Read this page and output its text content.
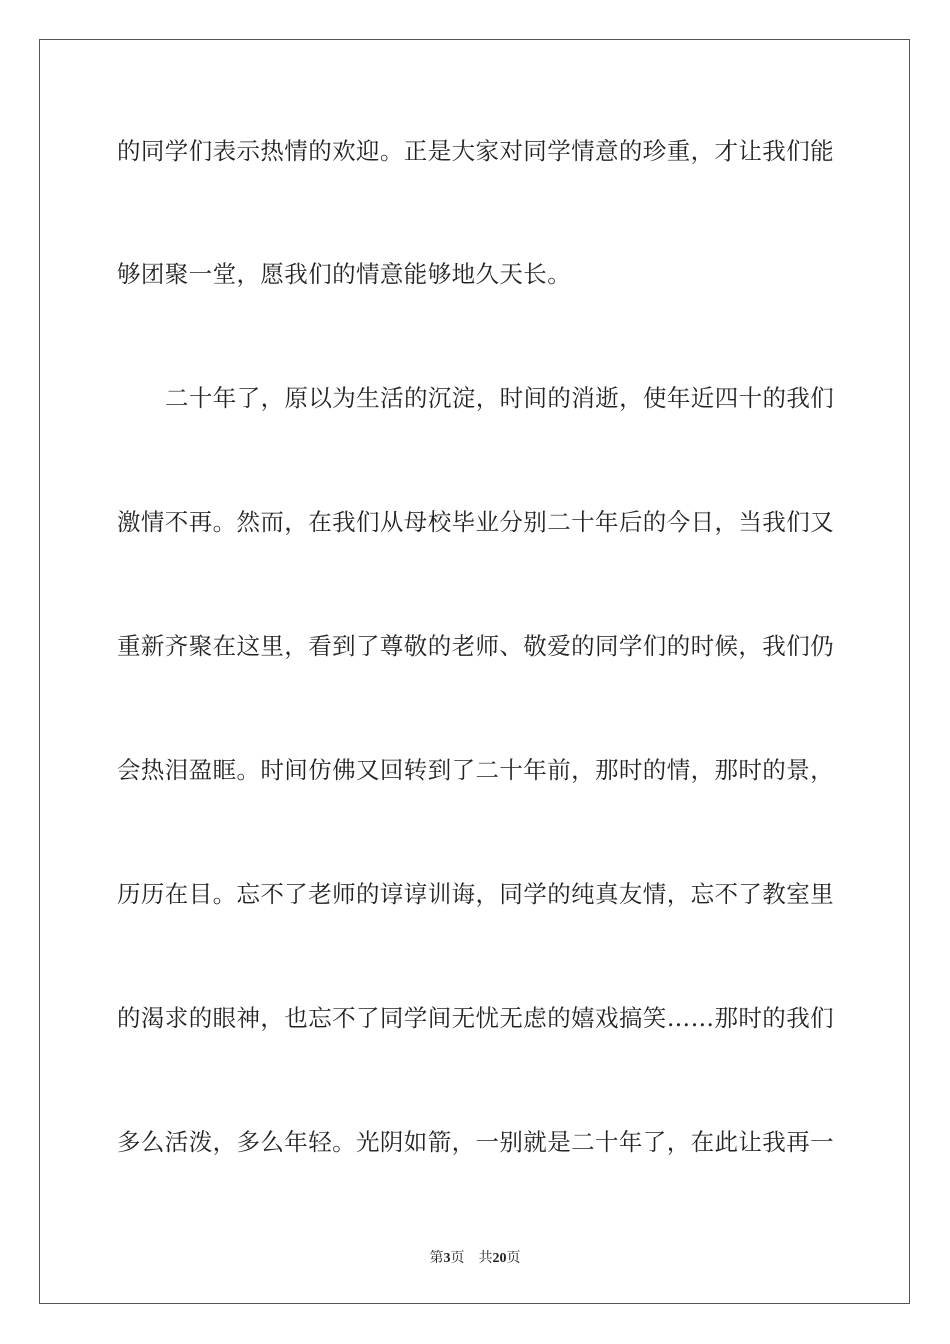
的同学们表示热情的欢迎。正是大家对同学情意的珍重，才让我们能
够团聚一堂，愿我们的情意能够地久天长。
二十年了，原以为生活的沉淀，时间的消逝，使年近四十的我们
激情不再。然而，在我们从母校毕业分别二十年后的今日，当我们又
重新齐聚在这里，看到了尊敬的老师、敬爱的同学们的时候，我们仍
会热泪盈眶。时间仿佛又回转到了二十年前，那时的情，那时的景，
历历在目。忘不了老师的谆谆训诲，同学的纯真友情，忘不了教室里
的渴求的眼神，也忘不了同学间无忧无虑的嬉戏搞笑……那时的我们
多么活泼，多么年轻。光阴如箭，一别就是二十年了，在此让我再一
第3页 共20页
